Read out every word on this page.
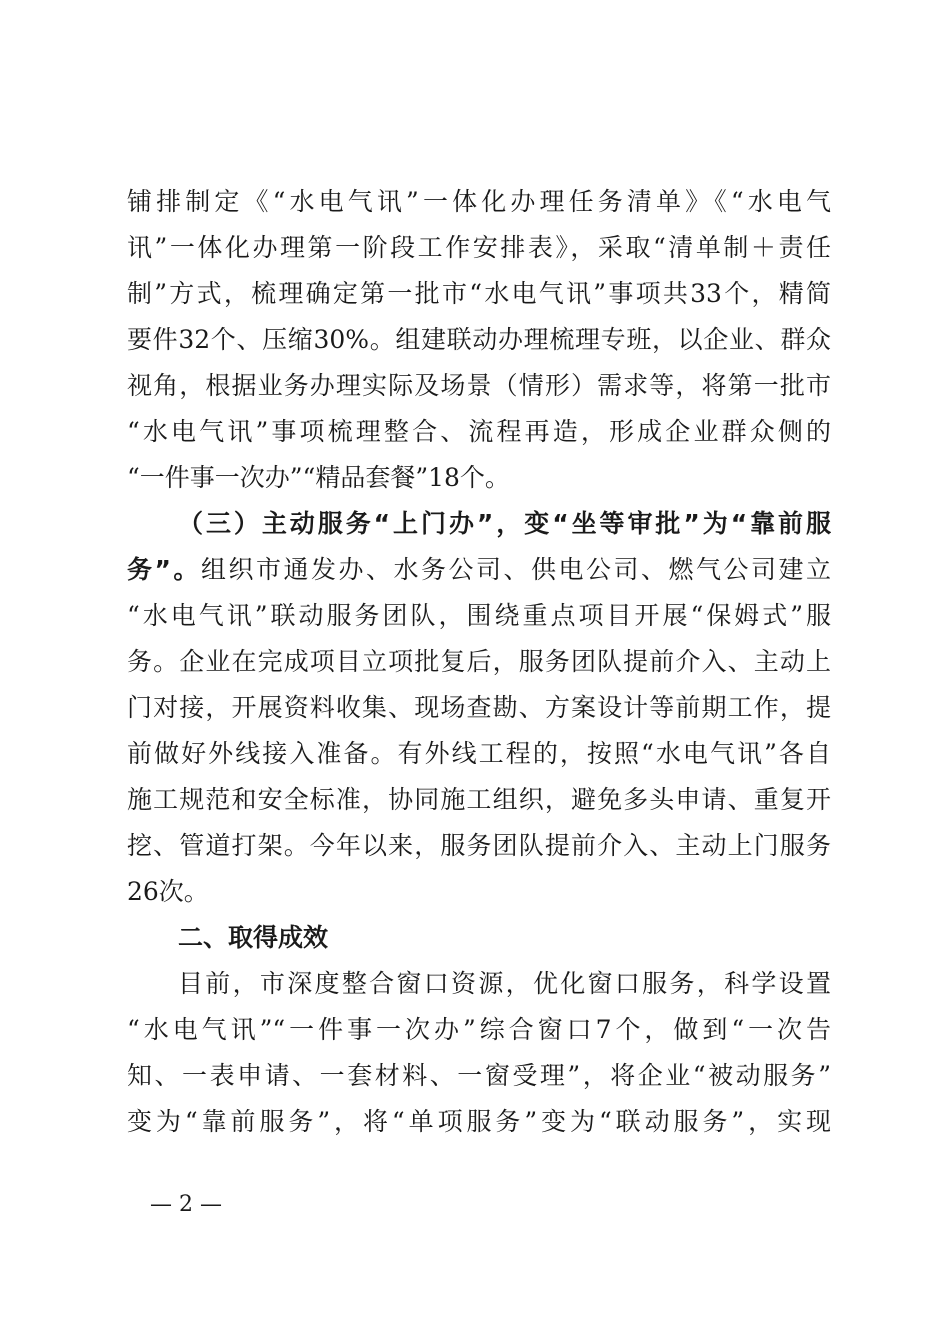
铺排制定《“水电气讯”一体化办理任务清单》《“水电气
讯”一体化办理第一阶段工作安排表》，采取“清单制＋责任
制”方式，梳理确定第一批市“水电气讯”事项共33个，精简
要件32个、压缩30%。组建联动办理梳理专班，以企业、群众
视角，根据业务办理实际及场景（情形）需求等，将第一批市
“水电气讯”事项梳理整合、流程再造，形成企业群众侧的
“一件事一次办”“精品套餐”18个。
（三）主动服务“上门办”，变“坐等审批”为“靠前服
务”。组织市通发办、水务公司、供电公司、燃气公司建立
“水电气讯”联动服务团队，围绕重点项目开展“保姆式”服
务。企业在完成项目立项批复后，服务团队提前介入、主动上
门对接，开展资料收集、现场查勘、方案设计等前期工作，提
前做好外线接入准备。有外线工程的，按照“水电气讯”各自
施工规范和安全标准，协同施工组织，避免多头申请、重复开
挖、管道打架。今年以来，服务团队提前介入、主动上门服务
26次。
二、取得成效
目前，市深度整合窗口资源，优化窗口服务，科学设置
“水电气讯”“一件事一次办”综合窗口7个，做到“一次告
知、一表申请、一套材料、一窗受理”，将企业“被动服务”
变为“靠前服务”，将“单项服务”变为“联动服务”，实现
— 2 —
